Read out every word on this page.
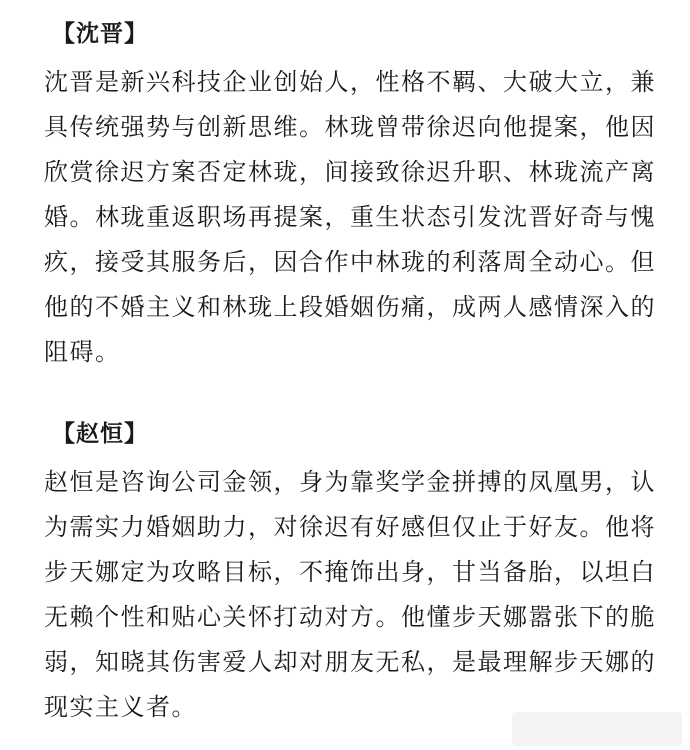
【沈晋】

沈晋是新兴科技企业创始人，性格不羁、大破大立，兼
具传统强势与创新思维。林珑曾带徐迟向他提案，他因
欣赏徐迟方案否定林珑，间接致徐迟升职、林珑流产离
婚。林珑重返职场再提案，重生状态引发沈晋好奇与愧
疚，接受其服务后，因合作中林珑的利落周全动心。但
他的不婚主义和林珑上段婚姻伤痛，成两人感情深入的
阻碍。

【赵恒】

赵恒是咨询公司金领，身为靠奖学金拼搏的凤凰男，认
为需实力婚姻助力，对徐迟有好感但仅止于好友。他将
步天娜定为攻略目标，不掩饰出身，甘当备胎，以坦白
无赖个性和贴心关怀打动对方。他懂步天娜嚣张下的脆
弱，知晓其伤害爱人却对朋友无私，是最理解步天娜的
现实主义者。
